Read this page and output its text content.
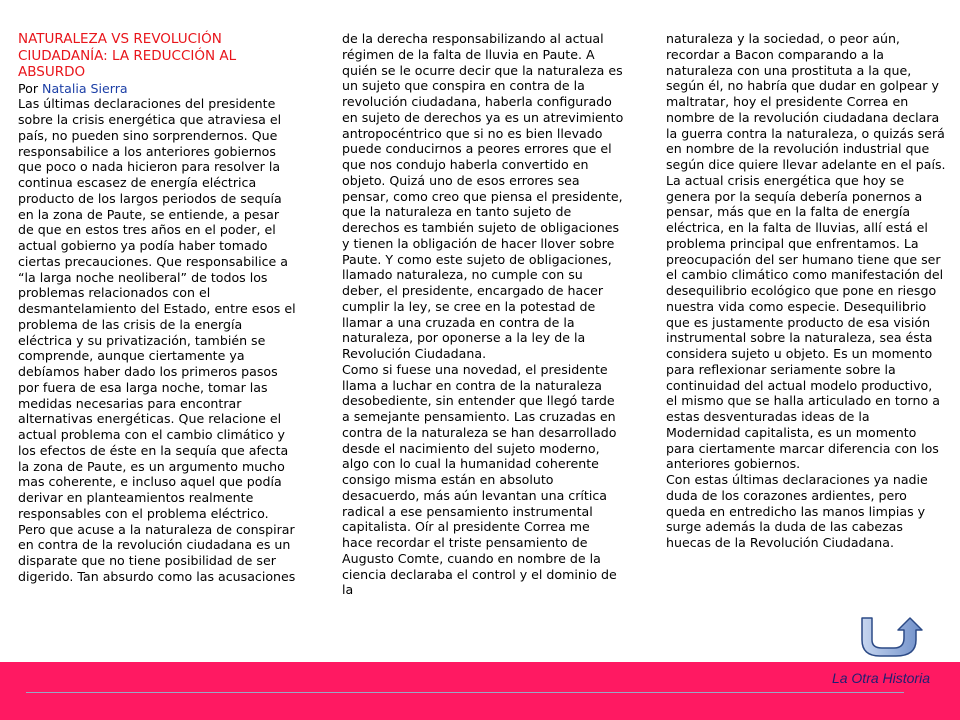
NATURALEZA VS REVOLUCIÓN CIUDADANÍA: LA REDUCCIÓN AL ABSURDO

Por Natalia Sierra

Las últimas declaraciones del presidente sobre la crisis energética que atraviesa el país, no pueden sino sorprendernos. Que responsabilice a los anteriores gobiernos que poco o nada hicieron para resolver la continua escasez de energía eléctrica producto de los largos periodos de sequía en la zona de Paute, se entiende, a pesar de que en estos tres años en el poder, el actual gobierno ya podía haber tomado ciertas precauciones. Que responsabilice a “la larga noche neoliberal” de todos los problemas relacionados con el desmantelamiento del Estado, entre esos el problema de las crisis de la energía eléctrica y su privatización, también se comprende, aunque ciertamente ya debíamos haber dado los primeros pasos por fuera de esa larga noche, tomar las medidas necesarias para encontrar alternativas energéticas. Que relacione el actual problema con el cambio climático y los efectos de éste en la sequía que afecta la zona de Paute, es un argumento mucho mas coherente, e incluso aquel que podía derivar en planteamientos realmente responsables con el problema eléctrico. Pero que acuse a la naturaleza de conspirar en contra de la revolución ciudadana es un disparate que no tiene posibilidad de ser digerido. Tan absurdo como las acusaciones

de la derecha responsabilizando al actual régimen de la falta de lluvia en Paute. A quién se le ocurre decir que la naturaleza es un sujeto que conspira en contra de la revolución ciudadana, haberla configurado en sujeto de derechos ya es un atrevimiento antropocéntrico que si no es bien llevado puede conducirnos a peores errores que el que nos condujo haberla convertido en objeto. Quizá uno de esos errores sea pensar, como creo que piensa el presidente, que la naturaleza en tanto sujeto de derechos es también sujeto de obligaciones y tienen la obligación de hacer llover sobre Paute. Y como este sujeto de obligaciones, llamado naturaleza, no cumple con su deber, el presidente, encargado de hacer cumplir la ley, se cree en la potestad de llamar a una cruzada en contra de la naturaleza, por oponerse a la ley de la Revolución Ciudadana.

Como si fuese una novedad, el presidente llama a luchar en contra de la naturaleza desobediente, sin entender que llegó tarde a semejante pensamiento. Las cruzadas en contra de la naturaleza se han desarrollado desde el nacimiento del sujeto moderno, algo con lo cual la humanidad coherente consigo misma están en absoluto desacuerdo, más aún levantan una crítica radical a ese pensamiento instrumental capitalista. Oír al presidente Correa me hace recordar el triste pensamiento de Augusto Comte, cuando en nombre de la ciencia declaraba el control y el dominio de la

naturaleza y la sociedad, o peor aún, recordar a Bacon comparando a la naturaleza con una prostituta a la que, según él, no habría que dudar en golpear y maltratar, hoy el presidente Correa en nombre de la revolución ciudadana declara la guerra contra la naturaleza, o quizás será en nombre de la revolución industrial que según dice quiere llevar adelante en el país. La actual crisis energética que hoy se genera por la sequía debería ponernos a pensar, más que en la falta de energía eléctrica, en la falta de lluvias, allí está el problema principal que enfrentamos. La preocupación del ser humano tiene que ser el cambio climático como manifestación del desequilibrio ecológico que pone en riesgo nuestra vida como especie. Desequilibrio que es justamente producto de esa visión instrumental sobre la naturaleza, sea ésta considera sujeto u objeto. Es un momento para reflexionar seriamente sobre la continuidad del actual modelo productivo, el mismo que se halla articulado en torno a estas desventuradas ideas de la Modernidad capitalista, es un momento para ciertamente marcar diferencia con los anteriores gobiernos.

Con estas últimas declaraciones ya nadie duda de los corazones ardientes, pero queda en entredicho las manos limpias y surge además la duda de las cabezas huecas de la Revolución Ciudadana.

La Otra Historia
